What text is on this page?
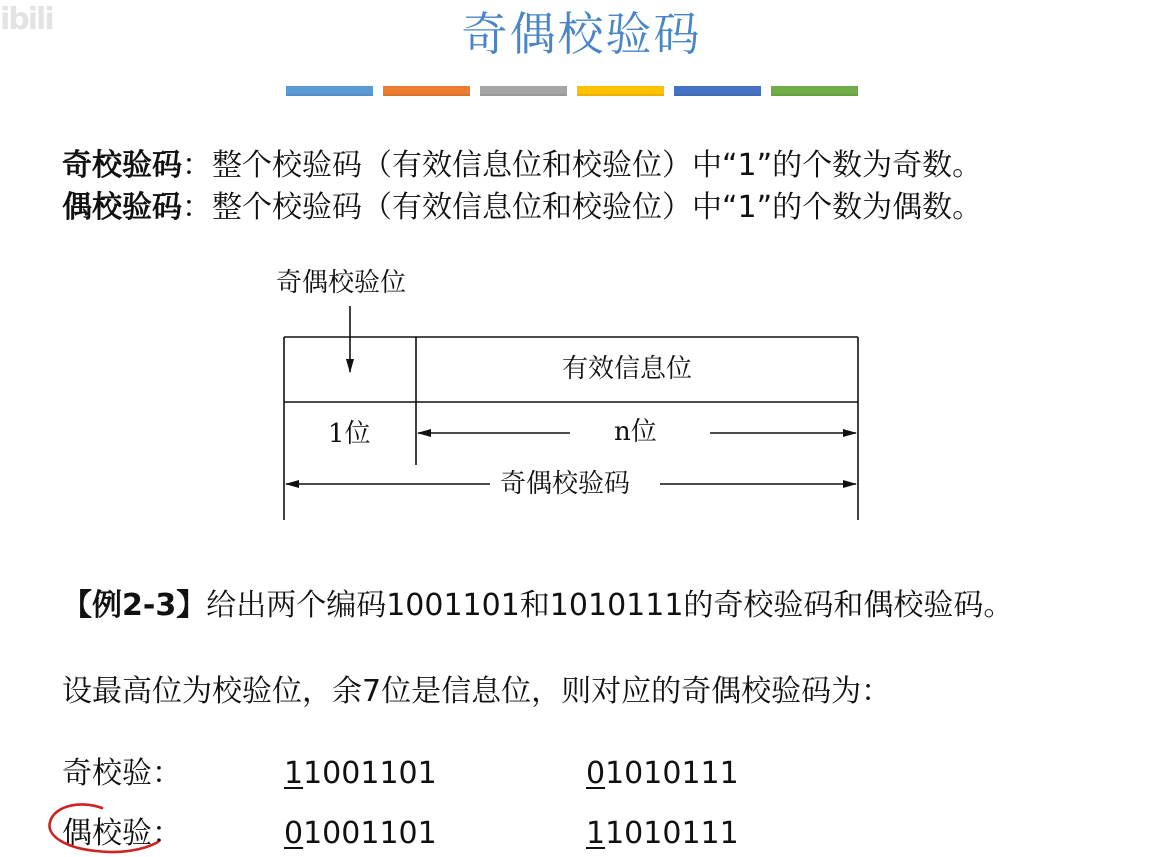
ibili	奇偶校验码
奇校验码：整个校验码（有效信息位和校验位）中“1”的个数为奇数。
偶校验码：整个校验码（有效信息位和校验位）中“1”的个数为偶数。
奇偶校验位
有效信息位
1位	n位
奇偶校验码
【例2-3】给出两个编码1001101和1010111的奇校验码和偶校验码。
设最高位为校验位，余7位是信息位，则对应的奇偶校验码为：
奇校验：	11001101	01010111
偶校验：	01001101	11010111
